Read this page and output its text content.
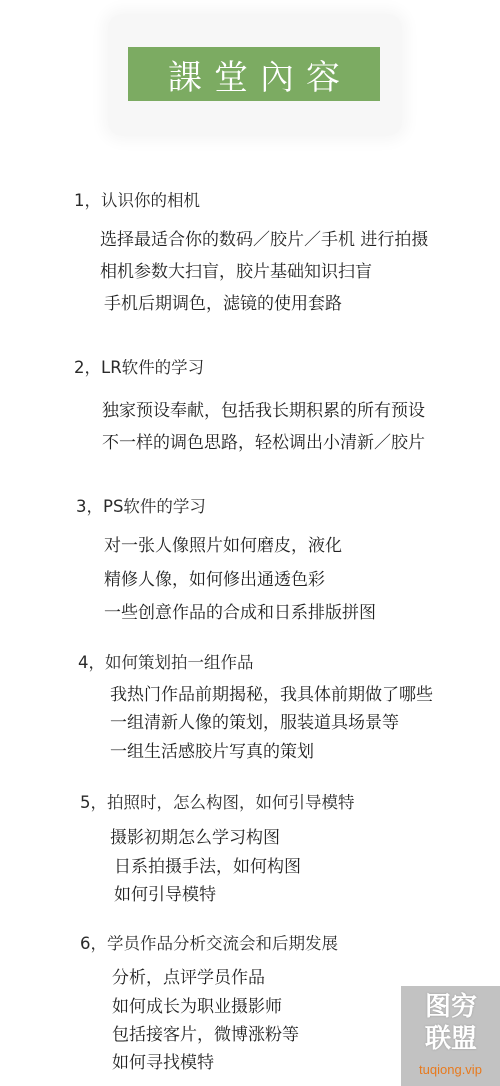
課堂內容
1，认识你的相机
选择最适合你的数码／胶片／手机 进行拍摄
相机参数大扫盲，胶片基础知识扫盲
手机后期调色，滤镜的使用套路
2，LR软件的学习
独家预设奉献，包括我长期积累的所有预设
不一样的调色思路，轻松调出小清新／胶片
3，PS软件的学习
对一张人像照片如何磨皮，液化
精修人像，如何修出通透色彩
一些创意作品的合成和日系排版拼图
4，如何策划拍一组作品
我热门作品前期揭秘，我具体前期做了哪些
一组清新人像的策划，服装道具场景等
一组生活感胶片写真的策划
5，拍照时，怎么构图，如何引导模特
摄影初期怎么学习构图
日系拍摄手法，如何构图
如何引导模特
6，学员作品分析交流会和后期发展
分析，点评学员作品
如何成长为职业摄影师
包括接客片，微博涨粉等
如何寻找模特
图穷
联盟
tuqiong.vip
